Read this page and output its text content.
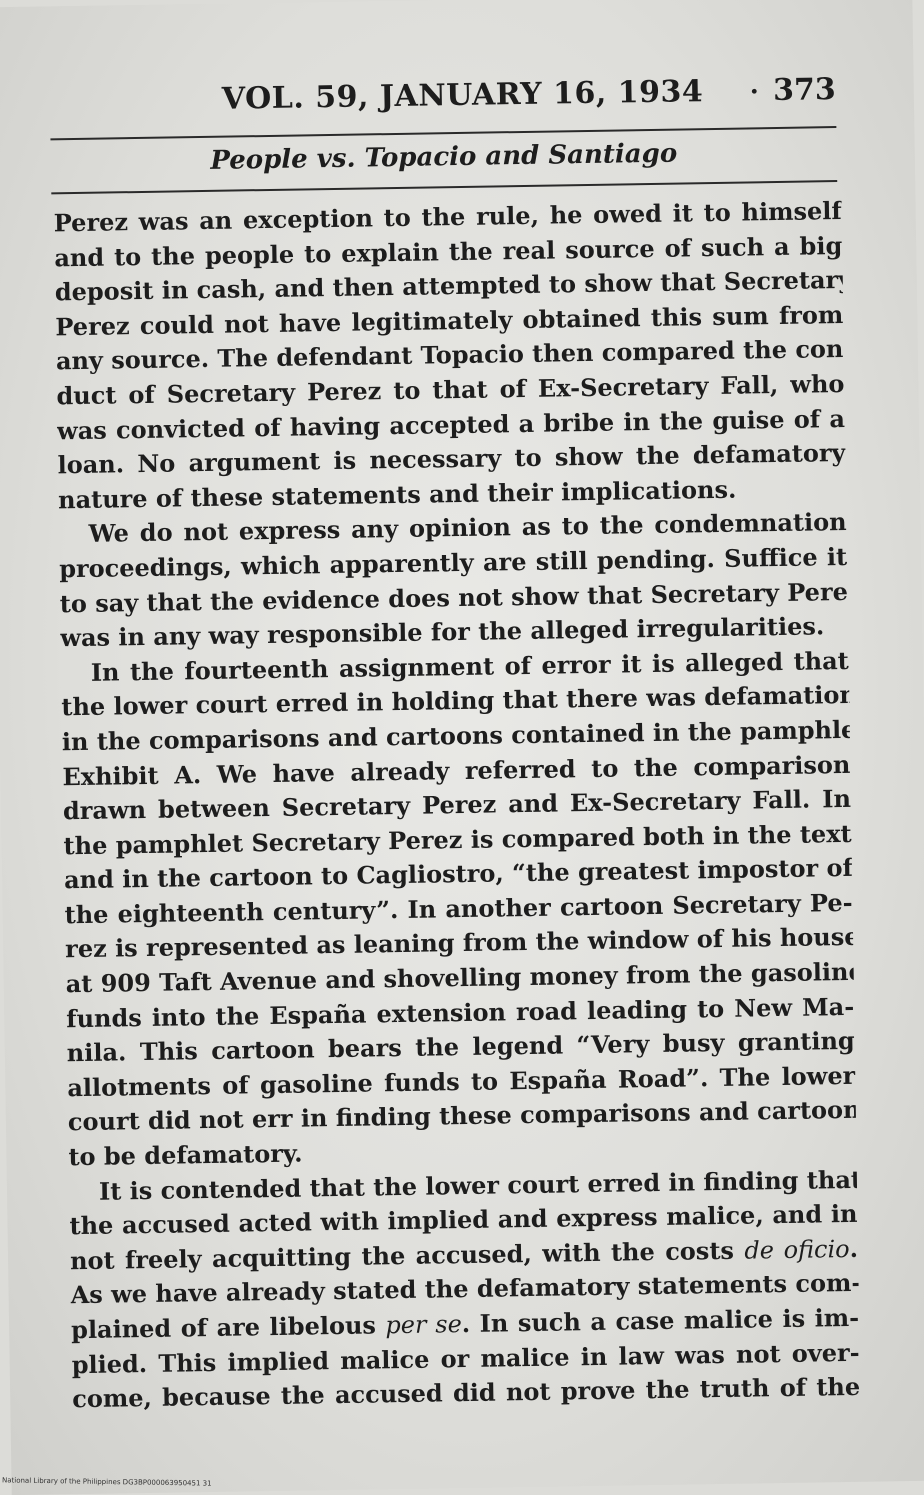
VOL. 59, JANUARY 16, 1934 · 373
People vs. Topacio and Santiago
Perez was an exception to the rule, he owed it to himself
and to the people to explain the real source of such a big
deposit in cash, and then attempted to show that Secretary
Perez could not have legitimately obtained this sum from
any source. The defendant Topacio then compared the con-
duct of Secretary Perez to that of Ex-Secretary Fall, who
was convicted of having accepted a bribe in the guise of a
loan. No argument is necessary to show the defamatory
nature of these statements and their implications.
We do not express any opinion as to the condemnation
proceedings, which apparently are still pending. Suffice it
to say that the evidence does not show that Secretary Perez
was in any way responsible for the alleged irregularities.
In the fourteenth assignment of error it is alleged that
the lower court erred in holding that there was defamation
in the comparisons and cartoons contained in the pamphlet,
Exhibit A. We have already referred to the comparison
drawn between Secretary Perez and Ex-Secretary Fall. In
the pamphlet Secretary Perez is compared both in the text
and in the cartoon to Cagliostro, “the greatest impostor of
the eighteenth century”. In another cartoon Secretary Pe-
rez is represented as leaning from the window of his house
at 909 Taft Avenue and shovelling money from the gasoline
funds into the España extension road leading to New Ma-
nila. This cartoon bears the legend “Very busy granting
allotments of gasoline funds to España Road”. The lower
court did not err in finding these comparisons and cartoons
to be defamatory.
It is contended that the lower court erred in finding that
the accused acted with implied and express malice, and in
not freely acquitting the accused, with the costs de oficio.
As we have already stated the defamatory statements com-
plained of are libelous per se. In such a case malice is im-
plied. This implied malice or malice in law was not over-
come, because the accused did not prove the truth of the
National Library of the Philippines DG3BP000063950451 31
